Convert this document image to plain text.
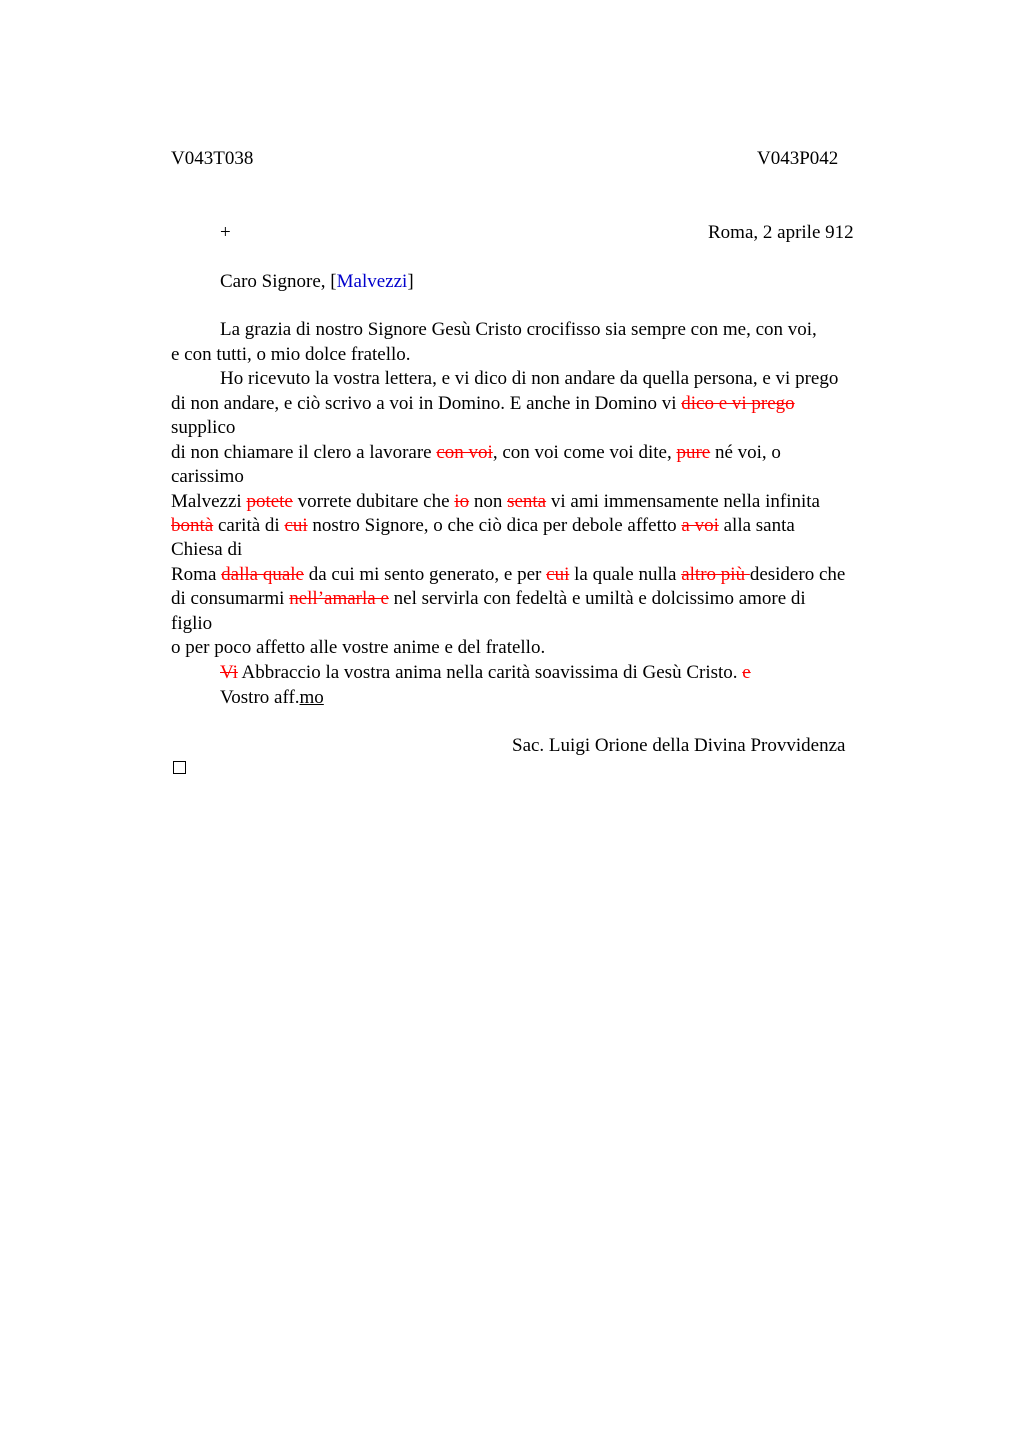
V043T038	V043P042
+	Roma, 2 aprile 912
Caro Signore, [Malvezzi]
La grazia di nostro Signore Gesù Cristo crocifisso sia sempre con me, con voi,
e con tutti, o mio dolce fratello.
Ho ricevuto la vostra lettera, e vi dico di non andare da quella persona, e vi prego
di non andare, e ciò scrivo a voi in Domino. E anche in Domino vi dico e vi prego
supplico
di non chiamare il clero a lavorare con voi, con voi come voi dite, pure né voi, o
carissimo
Malvezzi potete vorrete dubitare che io non senta vi ami immensamente nella infinita
bontà carità di cui nostro Signore, o che ciò dica per debole affetto a voi alla santa
Chiesa di
Roma dalla quale da cui mi sento generato, e per cui la quale nulla altro più desidero che
di consumarmi nell’amarla e nel servirla con fedeltà e umiltà e dolcissimo amore di
figlio
o per poco affetto alle vostre anime e del fratello.
Vi Abbraccio la vostra anima nella carità soavissima di Gesù Cristo. e
Vostro aff.mo
Sac. Luigi Orione della Divina Provvidenza
